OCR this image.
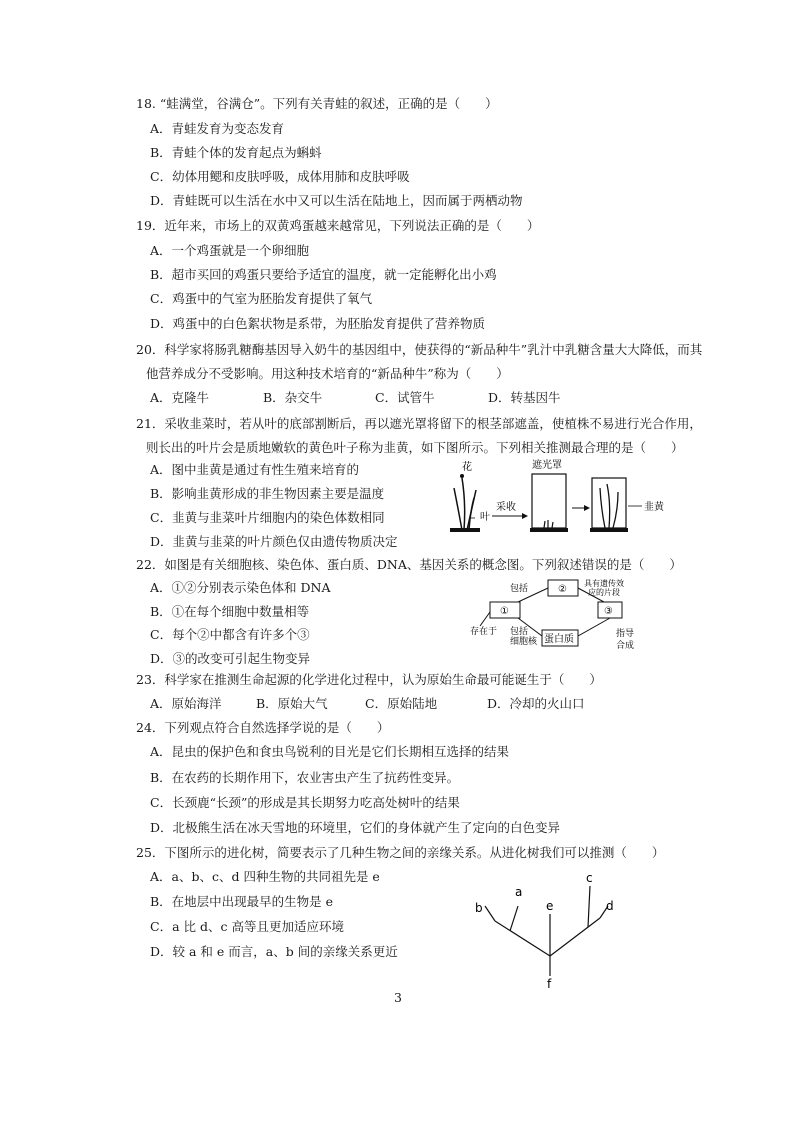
18. “蛙满堂，谷满仓”。下列有关青蛙的叙述，正确的是（　　）
A．青蛙发育为变态发育
B．青蛙个体的发育起点为蝌蚪
C．幼体用鳃和皮肤呼吸，成体用肺和皮肤呼吸
D．青蛙既可以生活在水中又可以生活在陆地上，因而属于两栖动物
19．近年来，市场上的双黄鸡蛋越来越常见，下列说法正确的是（　　）
A．一个鸡蛋就是一个卵细胞
B．超市买回的鸡蛋只要给予适宜的温度，就一定能孵化出小鸡
C．鸡蛋中的气室为胚胎发育提供了氧气
D．鸡蛋中的白色絮状物是系带，为胚胎发育提供了营养物质
20．科学家将肠乳糖酶基因导入奶牛的基因组中，使获得的“新品种牛”乳汁中乳糖含量大大降低，而其
他营养成分不受影响。用这种技术培育的“新品种牛”称为（　　）
A．克隆牛	B．杂交牛	C．试管牛	D．转基因牛
21．采收韭菜时，若从叶的底部割断后，再以遮光罩将留下的根茎部遮盖，使植株不易进行光合作用，
则长出的叶片会是质地嫩软的黄色叶子称为韭黄，如下图所示。下列相关推测最合理的是（　　）
A．图中韭黄是通过有性生殖来培育的
B．影响韭黄形成的非生物因素主要是温度
C．韭黄与韭菜叶片细胞内的染色体数相同
D．韭黄与韭菜的叶片颜色仅由遗传物质决定
花
叶
采收
遮光罩
韭黄
22．如图是有关细胞核、染色体、蛋白质、DNA、基因关系的概念图。下列叙述错误的是（　　）
A．①②分别表示染色体和 DNA
B．①在每个细胞中数量相等
C．每个②中都含有许多个③
D．③的改变可引起生物变异
①
②
③
蛋白质
包括
具有遗传效
应的片段
包括
细胞核
存在于	指导
合成
23．科学家在推测生命起源的化学进化过程中，认为原始生命最可能诞生于（　　）
A．原始海洋	B．原始大气	C．原始陆地	D．冷却的火山口
24．下列观点符合自然选择学说的是（　　）
A．昆虫的保护色和食虫鸟锐利的目光是它们长期相互选择的结果
B．在农药的长期作用下，农业害虫产生了抗药性变异。
C．长颈鹿“长颈”的形成是其长期努力吃高处树叶的结果
D．北极熊生活在冰天雪地的环境里，它们的身体就产生了定向的白色变异
25．下图所示的进化树，简要表示了几种生物之间的亲缘关系。从进化树我们可以推测（　　）
A．a、b、c、d 四种生物的共同祖先是 e
B．在地层中出现最早的生物是 e
C．a 比 d、c 高等且更加适应环境
D．较 a 和 e 而言，a、b 间的亲缘关系更近
a
b
c
d
e
f
3
